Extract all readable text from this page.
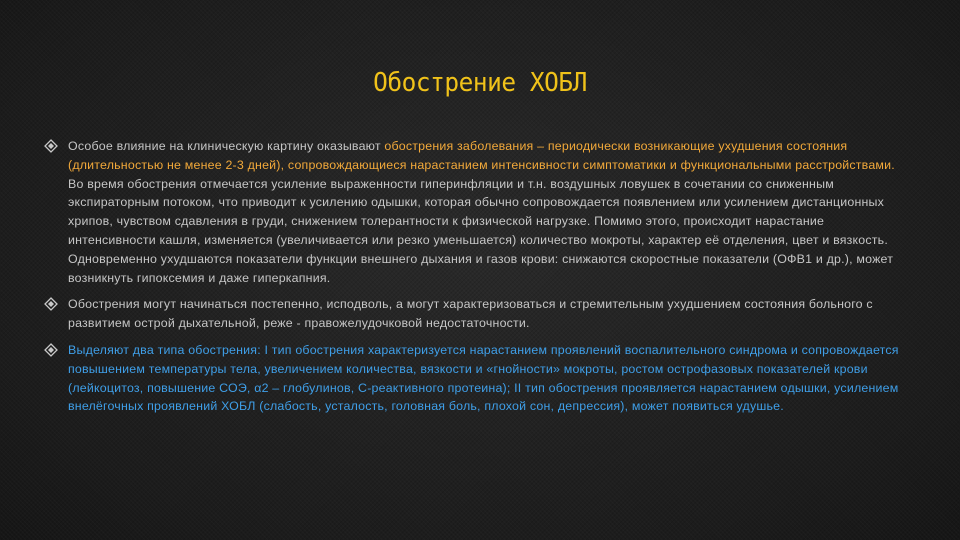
Обострение ХОБЛ
Особое влияние на клиническую картину оказывают обострения заболевания – периодически возникающие ухудшения состояния (длительностью не менее 2-3 дней), сопровождающиеся нарастанием интенсивности симптоматики и функциональными расстройствами. Во время обострения отмечается усиление выраженности гиперинфляции и т.н. воздушных ловушек в сочетании со сниженным экспираторным потоком, что приводит к усилению одышки, которая обычно сопровождается появлением или усилением дистанционных хрипов, чувством сдавления в груди, снижением толерантности к физической нагрузке. Помимо этого, происходит нарастание интенсивности кашля, изменяется (увеличивается или резко уменьшается) количество мокроты, характер её отделения, цвет и вязкость. Одновременно ухудшаются показатели функции внешнего дыхания и газов крови: снижаются скоростные показатели (ОФВ1 и др.), может возникнуть гипоксемия и даже гиперкапния.
Обострения могут начинаться постепенно, исподволь, а могут характеризоваться и стремительным ухудшением состояния больного с развитием острой дыхательной, реже - правожелудочковой недостаточности.
Выделяют два типа обострения: I тип обострения характеризуется нарастанием проявлений воспалительного синдрома и сопровождается повышением температуры тела, увеличением количества, вязкости и «гнойности» мокроты, ростом острофазовых показателей крови (лейкоцитоз, повышение СОЭ, α2 – глобулинов, С-реактивного протеина); II тип обострения проявляется нарастанием одышки, усилением внелёгочных проявлений ХОБЛ (слабость, усталость, головная боль, плохой сон, депрессия), может появиться удушье.
